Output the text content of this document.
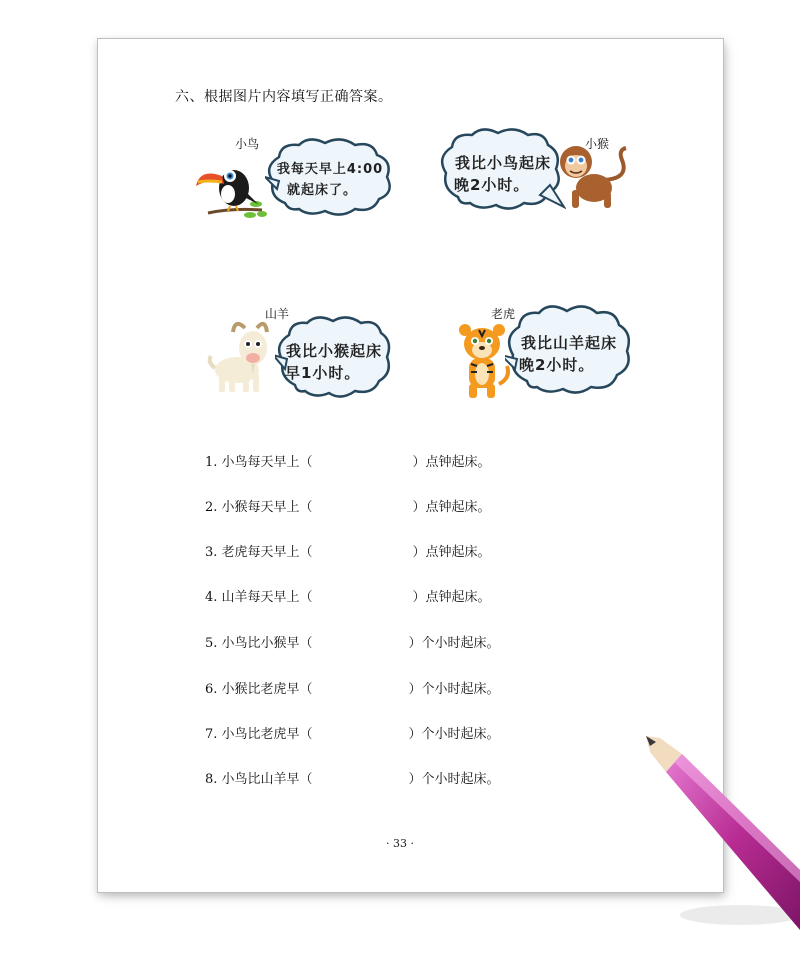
六、根据图片内容填写正确答案。
小鸟
我每天早上4:00
就起床了。
小猴
我比小鸟起床
晚2小时。
山羊
我比小猴起床
早1小时。
老虎
我比山羊起床
晚2小时。
1. 小鸟每天早上（	）点钟起床。
2. 小猴每天早上（	）点钟起床。
3. 老虎每天早上（	）点钟起床。
4. 山羊每天早上（	）点钟起床。
5. 小鸟比小猴早（	）个小时起床。
6. 小猴比老虎早（	）个小时起床。
7. 小鸟比老虎早（	）个小时起床。
8. 小鸟比山羊早（	）个小时起床。
· 33 ·
